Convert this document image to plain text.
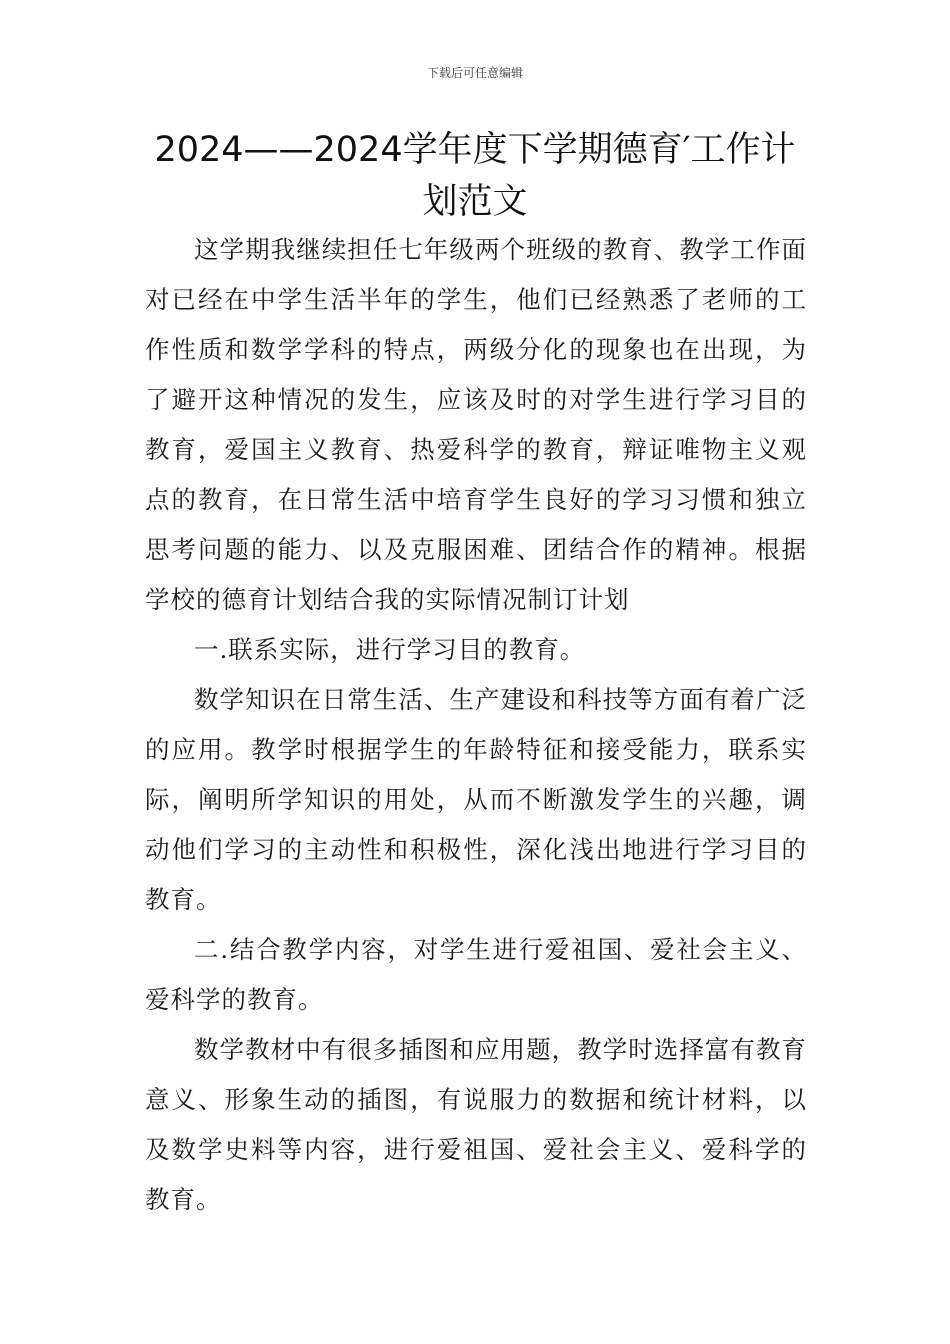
下载后可任意编辑
2024——2024学年度下学期德育′工作计划范文

这学期我继续担任七年级两个班级的教育、教学工作面对已经在中学生活半年的学生，他们已经熟悉了老师的工作性质和数学学科的特点，两级分化的现象也在出现，为了避开这种情况的发生，应该及时的对学生进行学习目的教育，爱国主义教育、热爱科学的教育，辩证唯物主义观点的教育，在日常生活中培育学生良好的学习习惯和独立思考问题的能力、以及克服困难、团结合作的精神。根据学校的德育计划结合我的实际情况制订计划

一.联系实际，进行学习目的教育。

数学知识在日常生活、生产建设和科技等方面有着广泛的应用。教学时根据学生的年龄特征和接受能力，联系实际，阐明所学知识的用处，从而不断激发学生的兴趣，调动他们学习的主动性和积极性，深化浅出地进行学习目的教育。

二.结合教学内容，对学生进行爱祖国、爱社会主义、爱科学的教育。

数学教材中有很多插图和应用题，教学时选择富有教育意义、形象生动的插图，有说服力的数据和统计材料，以及数学史料等内容，进行爱祖国、爱社会主义、爱科学的教育。
